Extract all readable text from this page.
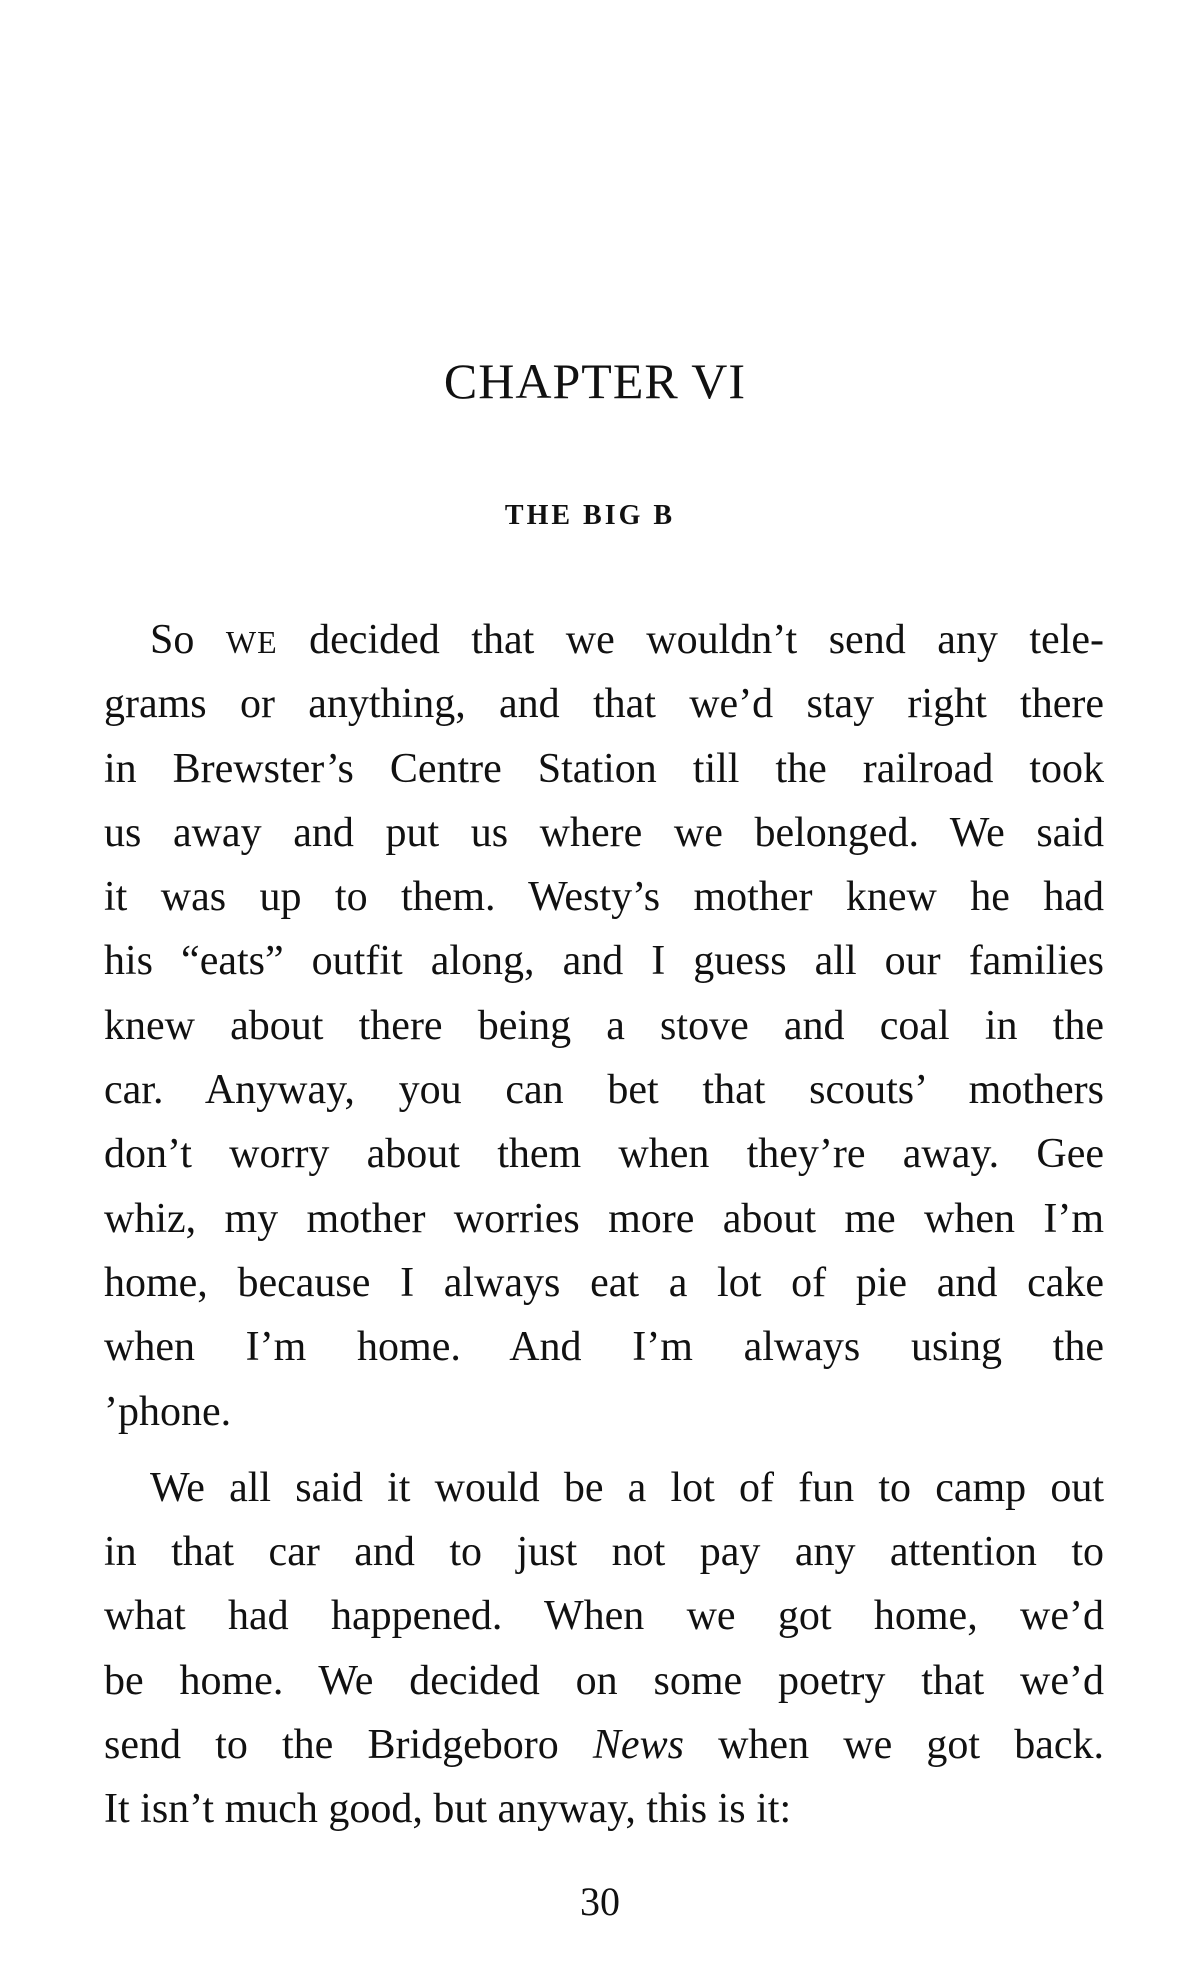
CHAPTER VI
THE BIG B
So WE decided that we wouldn’t send any tele-
grams or anything, and that we’d stay right there
in Brewster’s Centre Station till the railroad took
us away and put us where we belonged. We said
it was up to them. Westy’s mother knew he had
his “eats” outfit along, and I guess all our families
knew about there being a stove and coal in the
car. Anyway, you can bet that scouts’ mothers
don’t worry about them when they’re away. Gee
whiz, my mother worries more about me when I’m
home, because I always eat a lot of pie and cake
when I’m home. And I’m always using the
’phone.
We all said it would be a lot of fun to camp out
in that car and to just not pay any attention to
what had happened. When we got home, we’d
be home. We decided on some poetry that we’d
send to the Bridgeboro News when we got back.
It isn’t much good, but anyway, this is it:

30
